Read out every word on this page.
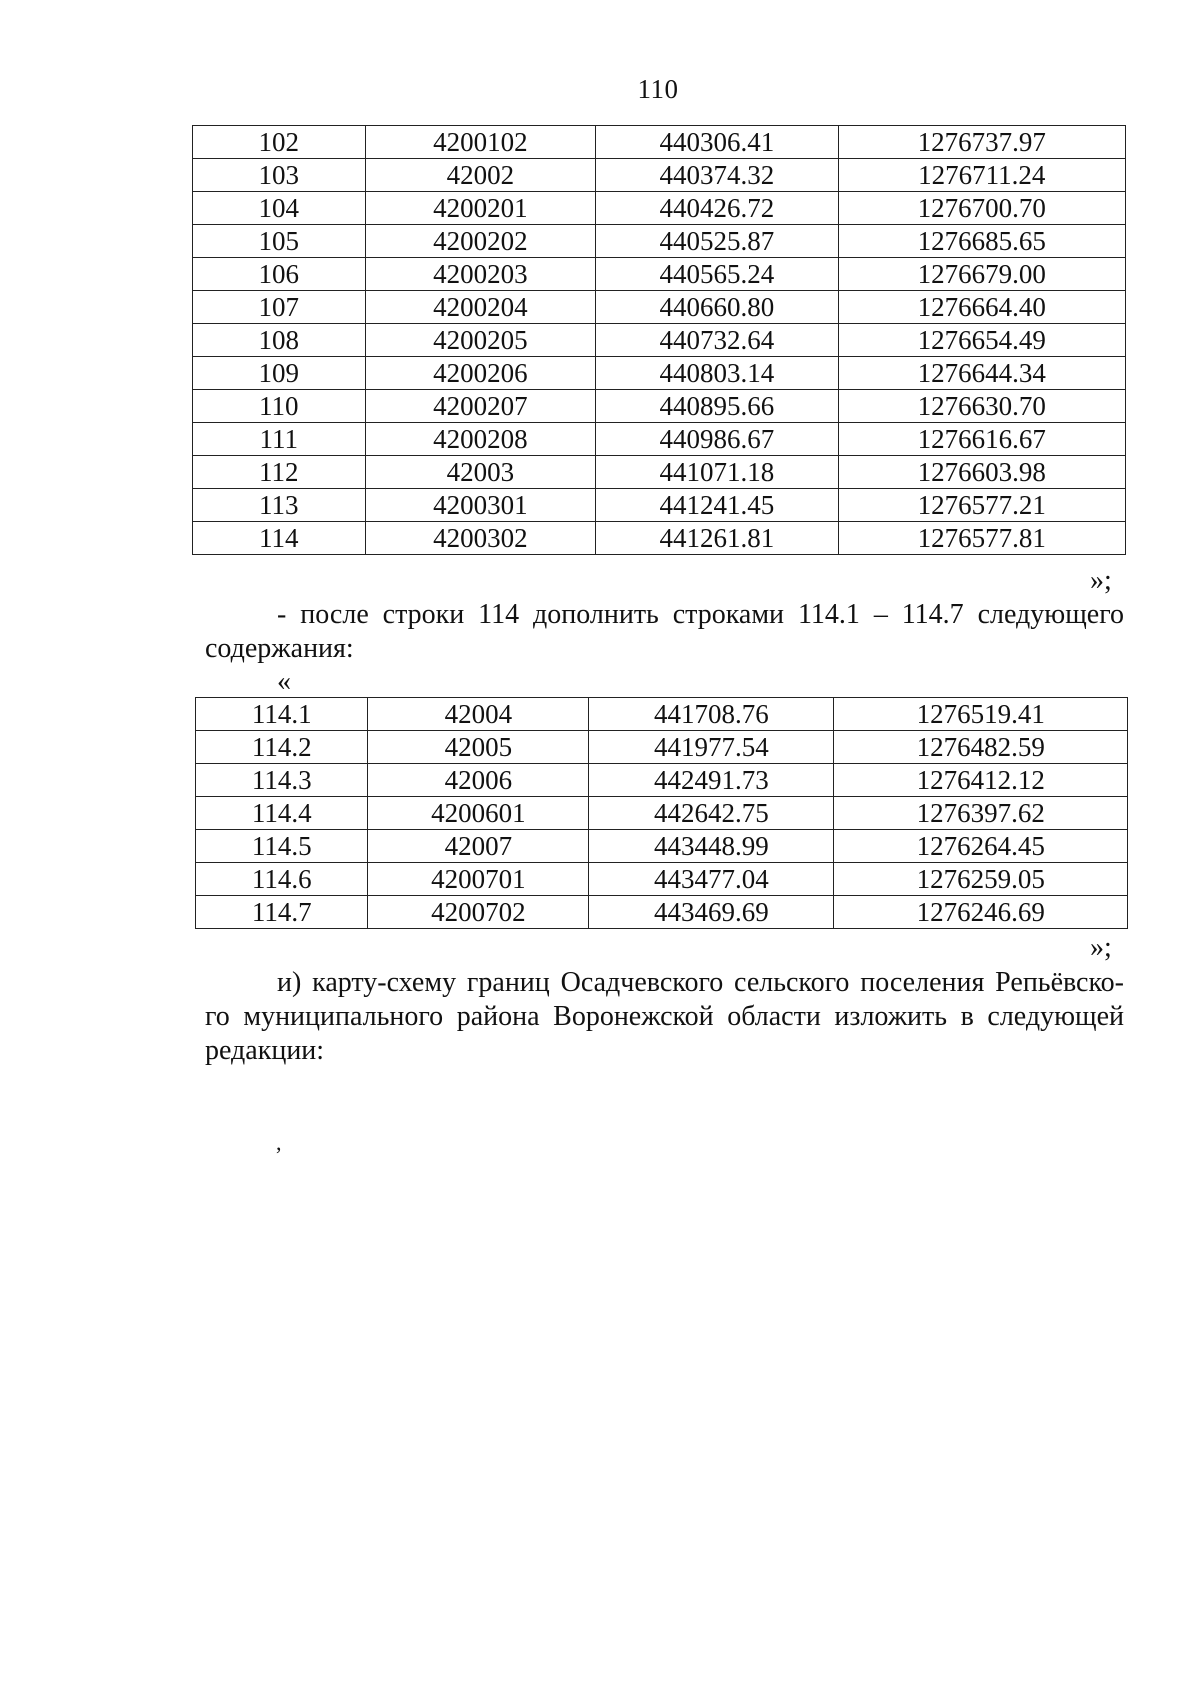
110
102	4200102	440306.41	1276737.97
103	42002	440374.32	1276711.24
104	4200201	440426.72	1276700.70
105	4200202	440525.87	1276685.65
106	4200203	440565.24	1276679.00
107	4200204	440660.80	1276664.40
108	4200205	440732.64	1276654.49
109	4200206	440803.14	1276644.34
110	4200207	440895.66	1276630.70
111	4200208	440986.67	1276616.67
112	42003	441071.18	1276603.98
113	4200301	441241.45	1276577.21
114	4200302	441261.81	1276577.81
»;
- после строки 114 дополнить строками 114.1 – 114.7 следующего
содержания:
«
114.1	42004	441708.76	1276519.41
114.2	42005	441977.54	1276482.59
114.3	42006	442491.73	1276412.12
114.4	4200601	442642.75	1276397.62
114.5	42007	443448.99	1276264.45
114.6	4200701	443477.04	1276259.05
114.7	4200702	443469.69	1276246.69
»;
и) карту-схему границ Осадчевского сельского поселения Репьёвско-
го муниципального района Воронежской области изложить в следующей
редакции:
,
